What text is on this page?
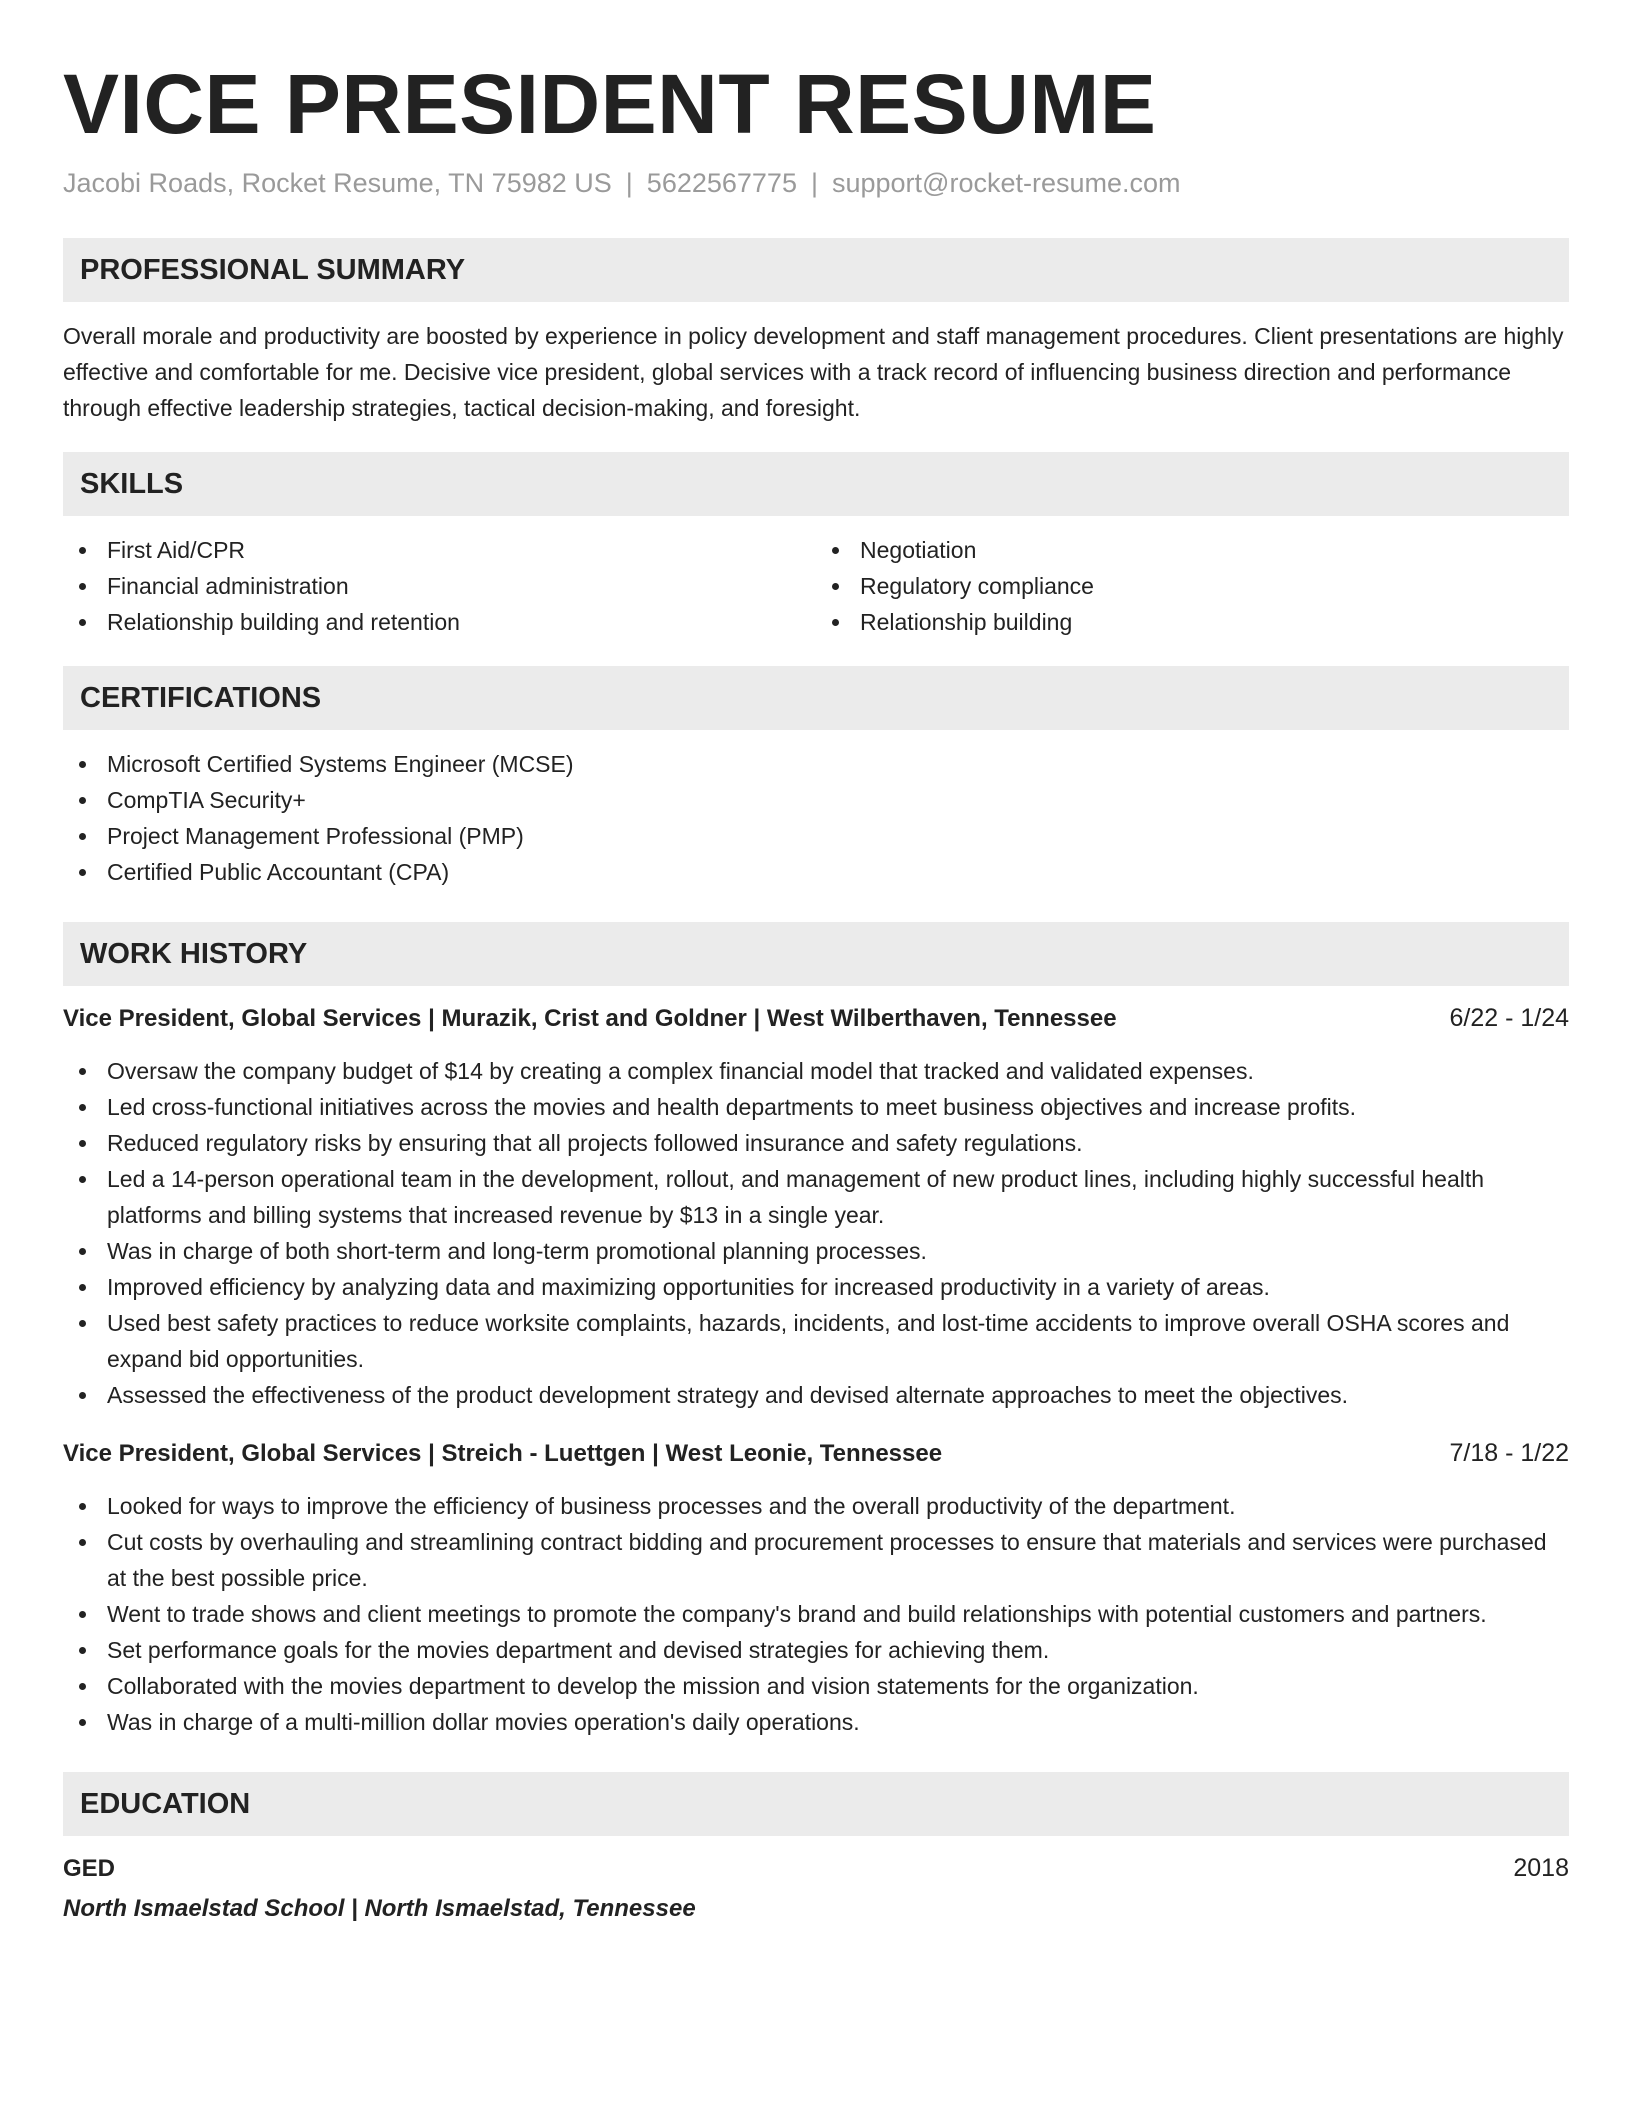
VICE PRESIDENT RESUME
Jacobi Roads, Rocket Resume, TN 75982 US | 5622567775 | support@rocket-resume.com
PROFESSIONAL SUMMARY

Overall morale and productivity are boosted by experience in policy development and staff management procedures. Client presentations are highly effective and comfortable for me. Decisive vice president, global services with a track record of influencing business direction and performance through effective leadership strategies, tactical decision-making, and foresight.

SKILLS
First Aid/CPR
Financial administration
Relationship building and retention
Negotiation
Regulatory compliance
Relationship building
CERTIFICATIONS
Microsoft Certified Systems Engineer (MCSE)
CompTIA Security+
Project Management Professional (PMP)
Certified Public Accountant (CPA)
WORK HISTORY
Vice President, Global Services | Murazik, Crist and Goldner | West Wilberthaven, Tennessee	6/22 - 1/24
Oversaw the company budget of $14 by creating a complex financial model that tracked and validated expenses.
Led cross-functional initiatives across the movies and health departments to meet business objectives and increase profits.
Reduced regulatory risks by ensuring that all projects followed insurance and safety regulations.
Led a 14-person operational team in the development, rollout, and management of new product lines, including highly successful health platforms and billing systems that increased revenue by $13 in a single year.
Was in charge of both short-term and long-term promotional planning processes.
Improved efficiency by analyzing data and maximizing opportunities for increased productivity in a variety of areas.
Used best safety practices to reduce worksite complaints, hazards, incidents, and lost-time accidents to improve overall OSHA scores and expand bid opportunities.
Assessed the effectiveness of the product development strategy and devised alternate approaches to meet the objectives.
Vice President, Global Services | Streich - Luettgen | West Leonie, Tennessee	7/18 - 1/22
Looked for ways to improve the efficiency of business processes and the overall productivity of the department.
Cut costs by overhauling and streamlining contract bidding and procurement processes to ensure that materials and services were purchased at the best possible price.
Went to trade shows and client meetings to promote the company's brand and build relationships with potential customers and partners.
Set performance goals for the movies department and devised strategies for achieving them.
Collaborated with the movies department to develop the mission and vision statements for the organization.
Was in charge of a multi-million dollar movies operation's daily operations.
EDUCATION
GED	2018
North Ismaelstad School | North Ismaelstad, Tennessee
